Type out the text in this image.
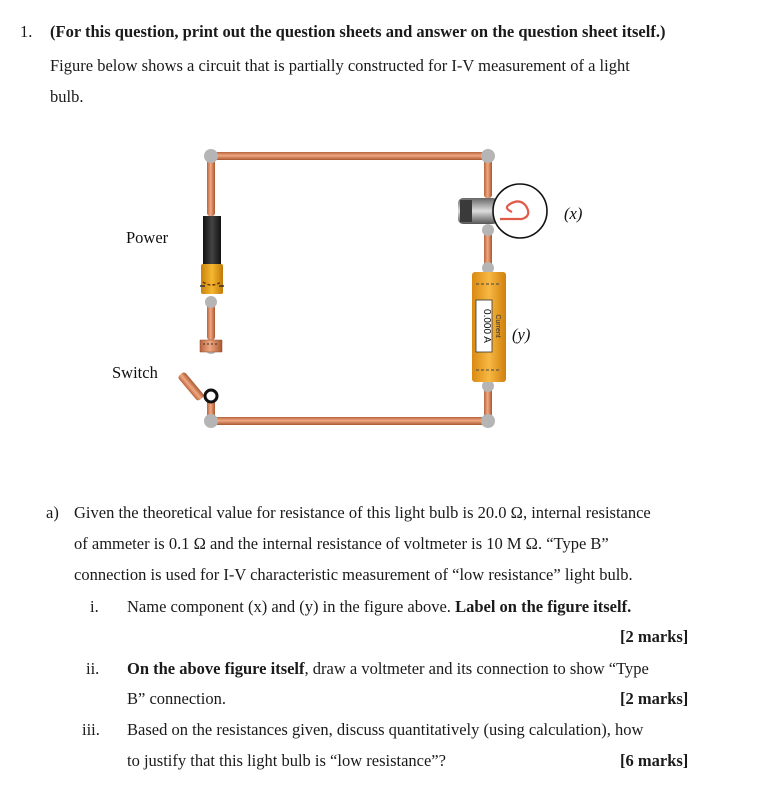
1. (For this question, print out the question sheets and answer on the question sheet itself.)
Figure below shows a circuit that is partially constructed for I-V measurement of a light
bulb.
0.000 A Current
Power
Switch
(x)
(y)
a) Given the theoretical value for resistance of this light bulb is 20.0 Ω, internal resistance
of ammeter is 0.1 Ω and the internal resistance of voltmeter is 10 M Ω. “Type B”
connection is used for I-V characteristic measurement of “low resistance” light bulb.
i. Name component (x) and (y) in the figure above. Label on the figure itself.
[2 marks]
ii. On the above figure itself, draw a voltmeter and its connection to show “Type
B” connection.	[2 marks]
iii. Based on the resistances given, discuss quantitatively (using calculation), how
to justify that this light bulb is “low resistance”?	[6 marks]
